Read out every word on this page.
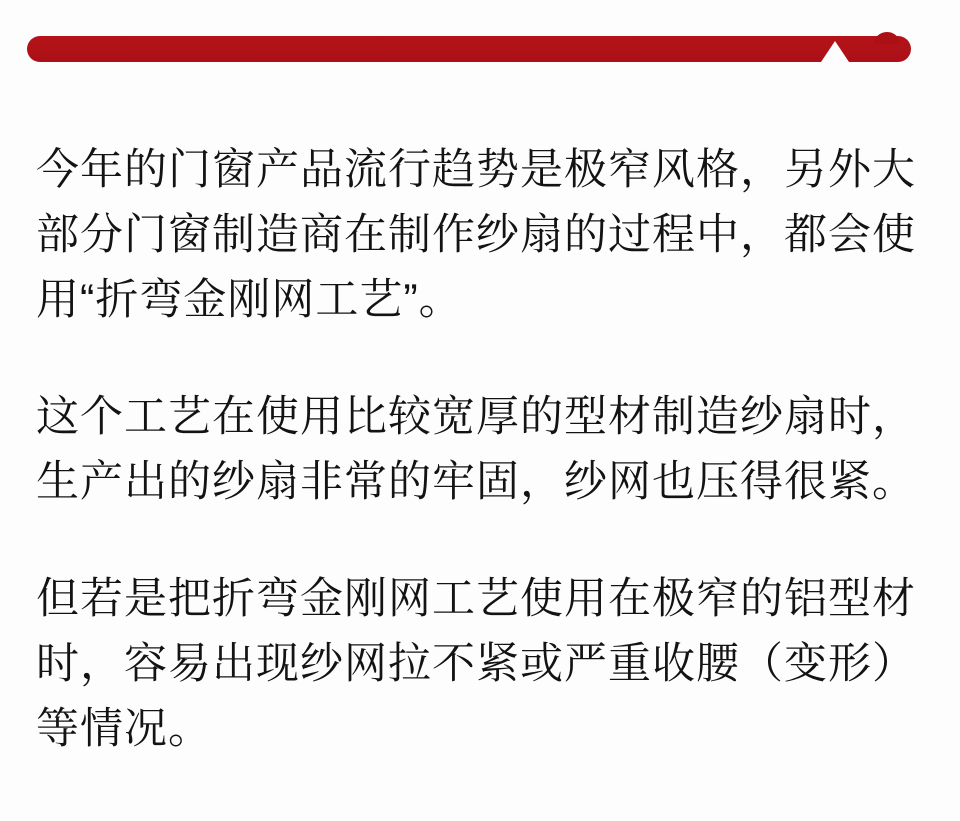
今年的门窗产品流行趋势是极窄风格，另外大
部分门窗制造商在制作纱扇的过程中，都会使
用“折弯金刚网工艺”。

这个工艺在使用比较宽厚的型材制造纱扇时，
生产出的纱扇非常的牢固，纱网也压得很紧。

但若是把折弯金刚网工艺使用在极窄的铝型材
时，容易出现纱网拉不紧或严重收腰（变形）
等情况。
